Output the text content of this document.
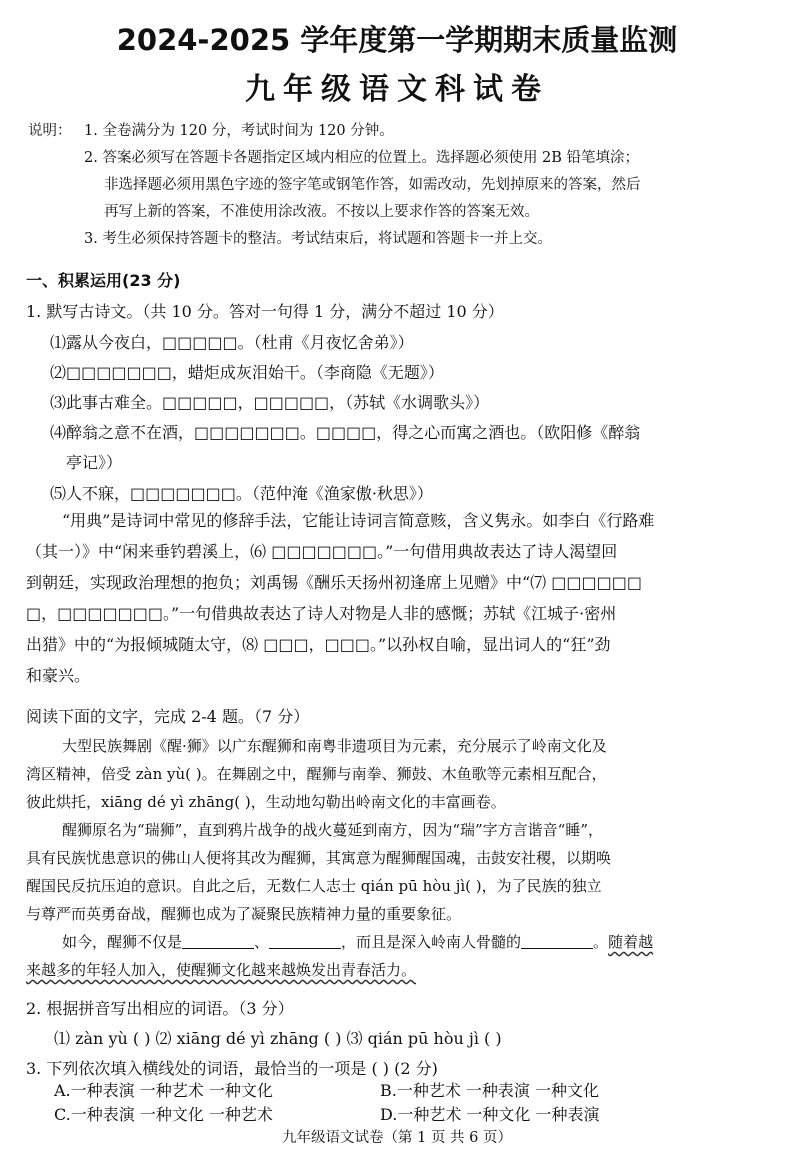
2024-2025 学年度第一学期期末质量监测
九年级语文科试卷
说明： 1. 全卷满分为 120 分，考试时间为 120 分钟。
2. 答案必须写在答题卡各题指定区域内相应的位置上。选择题必须使用 2B 铅笔填涂；
非选择题必须用黑色字迹的签字笔或钢笔作答，如需改动，先划掉原来的答案，然后
再写上新的答案，不准使用涂改液。不按以上要求作答的答案无效。
3. 考生必须保持答题卡的整洁。考试结束后，将试题和答题卡一并上交。
一、积累运用(23 分)
1. 默写古诗文。（共 10 分。答对一句得 1 分，满分不超过 10 分）
⑴露从今夜白，□□□□□。（杜甫《月夜忆舍弟》）
⑵□□□□□□□，蜡炬成灰泪始干。（李商隐《无题》）
⑶此事古难全。□□□□□，□□□□□，（苏轼《水调歌头》）
⑷醉翁之意不在酒，□□□□□□□。□□□□，得之心而寓之酒也。（欧阳修《醉翁
亭记》）
⑸人不寐，□□□□□□□。（范仲淹《渔家傲·秋思》）
“用典”是诗词中常见的修辞手法，它能让诗词言简意赅，含义隽永。如李白《行路难
（其一）》中“闲来垂钓碧溪上，⑹ □□□□□□□。”一句借用典故表达了诗人渴望回
到朝廷，实现政治理想的抱负；刘禹锡《酬乐天扬州初逢席上见赠》中“⑺ □□□□□□
□，□□□□□□□。”一句借典故表达了诗人对物是人非的感慨；苏轼《江城子·密州
出猎》中的“为报倾城随太守，⑻ □□□，□□□。”以孙权自喻，显出词人的“狂”劲
和豪兴。
阅读下面的文字，完成 2-4 题。（7 分）
大型民族舞剧《醒·狮》以广东醒狮和南粤非遗项目为元素，充分展示了岭南文化及
湾区精神，倍受 zàn yù( )。在舞剧之中，醒狮与南拳、狮鼓、木鱼歌等元素相互配合，
彼此烘托，xiāng dé yì zhāng( )，生动地勾勒出岭南文化的丰富画卷。
醒狮原名为“瑞狮”，直到鸦片战争的战火蔓延到南方，因为“瑞”字方言谐音“睡”，
具有民族忧患意识的佛山人便将其改为醒狮，其寓意为醒狮醒国魂，击鼓安社稷，以期唤
醒国民反抗压迫的意识。自此之后，无数仁人志士 qián pū hòu jì( )，为了民族的独立
与尊严而英勇奋战，醒狮也成为了凝聚民族精神力量的重要象征。
如今，醒狮不仅是	、	，而且是深入岭南人骨髓的	。随着越
来越多的年轻人加入，使醒狮文化越来越焕发出青春活力。
2. 根据拼音写出相应的词语。（3 分）
⑴ zàn yù ( ) ⑵ xiāng dé yì zhāng ( ) ⑶ qián pū hòu jì ( )
3. 下列依次填入横线处的词语，最恰当的一项是 ( ) (2 分)
A.一种表演 一种艺术 一种文化	B.一种艺术 一种表演 一种文化
九年级语文试卷（第 1 页 共 6 页）
C.一种表演 一种文化 一种艺术	D.一种艺术 一种文化 一种表演
